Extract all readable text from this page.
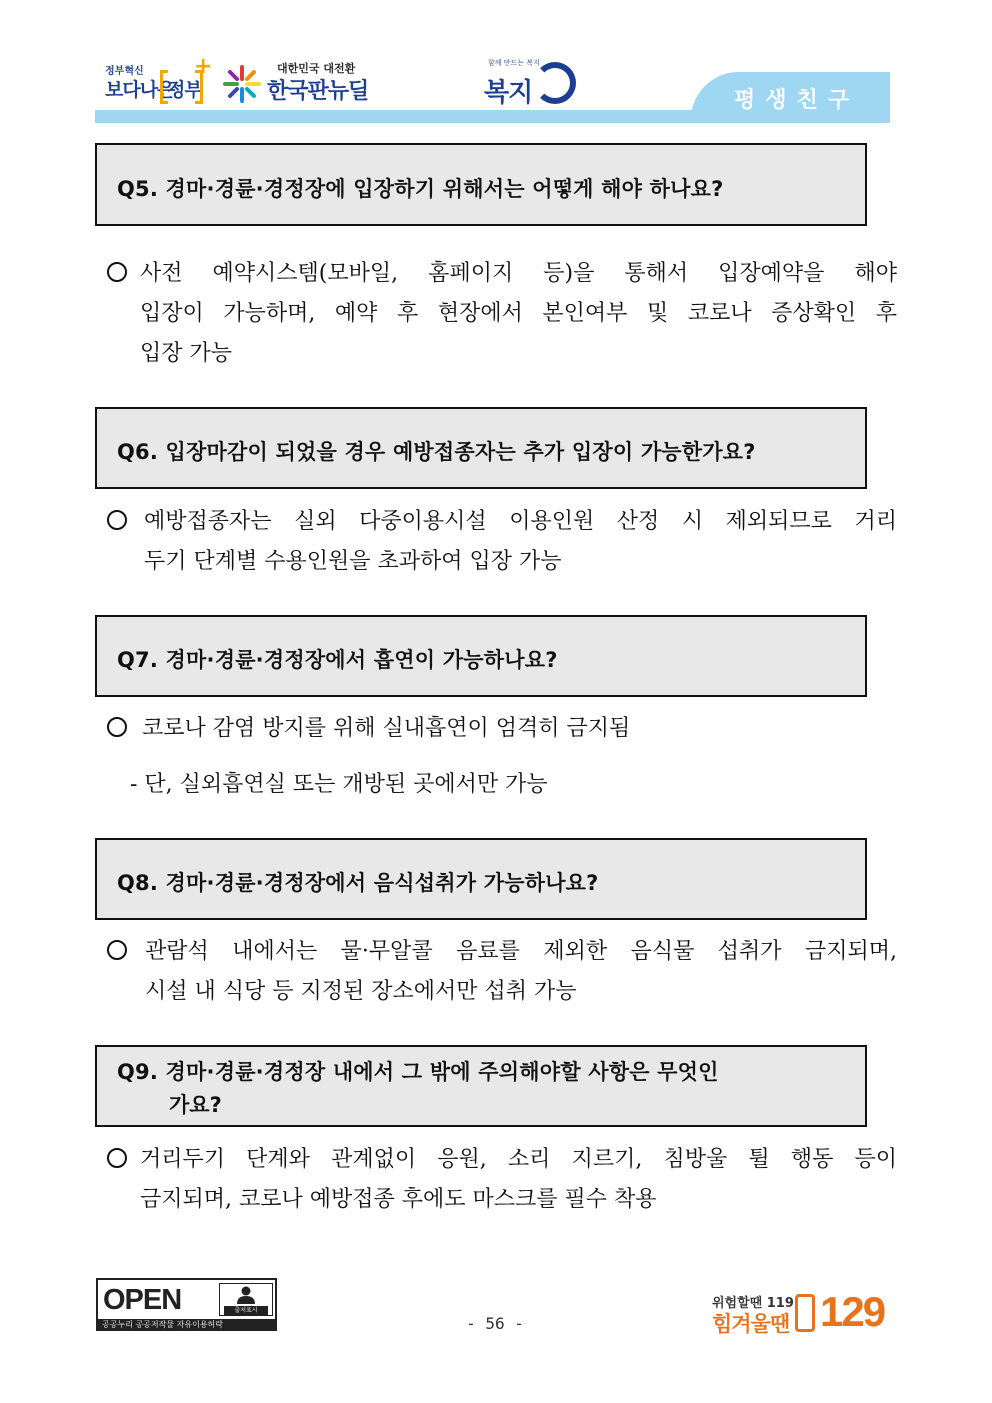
정부혁신
보다나은
정부
+	대한민국 대전환
한국판뉴딜
함께 만드는 복지
복지	평생친구
Q5. 경마·경륜·경정장에 입장하기 위해서는 어떻게 해야 하나요?
사전 예약시스템(모바일, 홈페이지 등)을 통해서 입장예약을 해야
입장이 가능하며, 예약 후 현장에서 본인여부 및 코로나 증상확인 후
입장 가능
Q6. 입장마감이 되었을 경우 예방접종자는 추가 입장이 가능한가요?
예방접종자는 실외 다중이용시설 이용인원 산정 시 제외되므로 거리
두기 단계별 수용인원을 초과하여 입장 가능
Q7. 경마·경륜·경정장에서 흡연이 가능하나요?
코로나 감염 방지를 위해 실내흡연이 엄격히 금지됨
- 단, 실외흡연실 또는 개방된 곳에서만 가능
Q8. 경마·경륜·경정장에서 음식섭취가 가능하나요?
관람석 내에서는 물·무알콜 음료를 제외한 음식물 섭취가 금지되며,
시설 내 식당 등 지정된 장소에서만 섭취 가능
Q9. 경마·경륜·경정장 내에서 그 밖에 주의해야할 사항은 무엇인
가요?
거리두기 단계와 관계없이 응원, 소리 지르기, 침방울 튈 행동 등이
금지되며, 코로나 예방접종 후에도 마스크를 필수 착용
OPEN	출처표시
공공누리 공공저작물 자유이용허락	- 56 -
위험할땐 119
힘겨울땐 129
